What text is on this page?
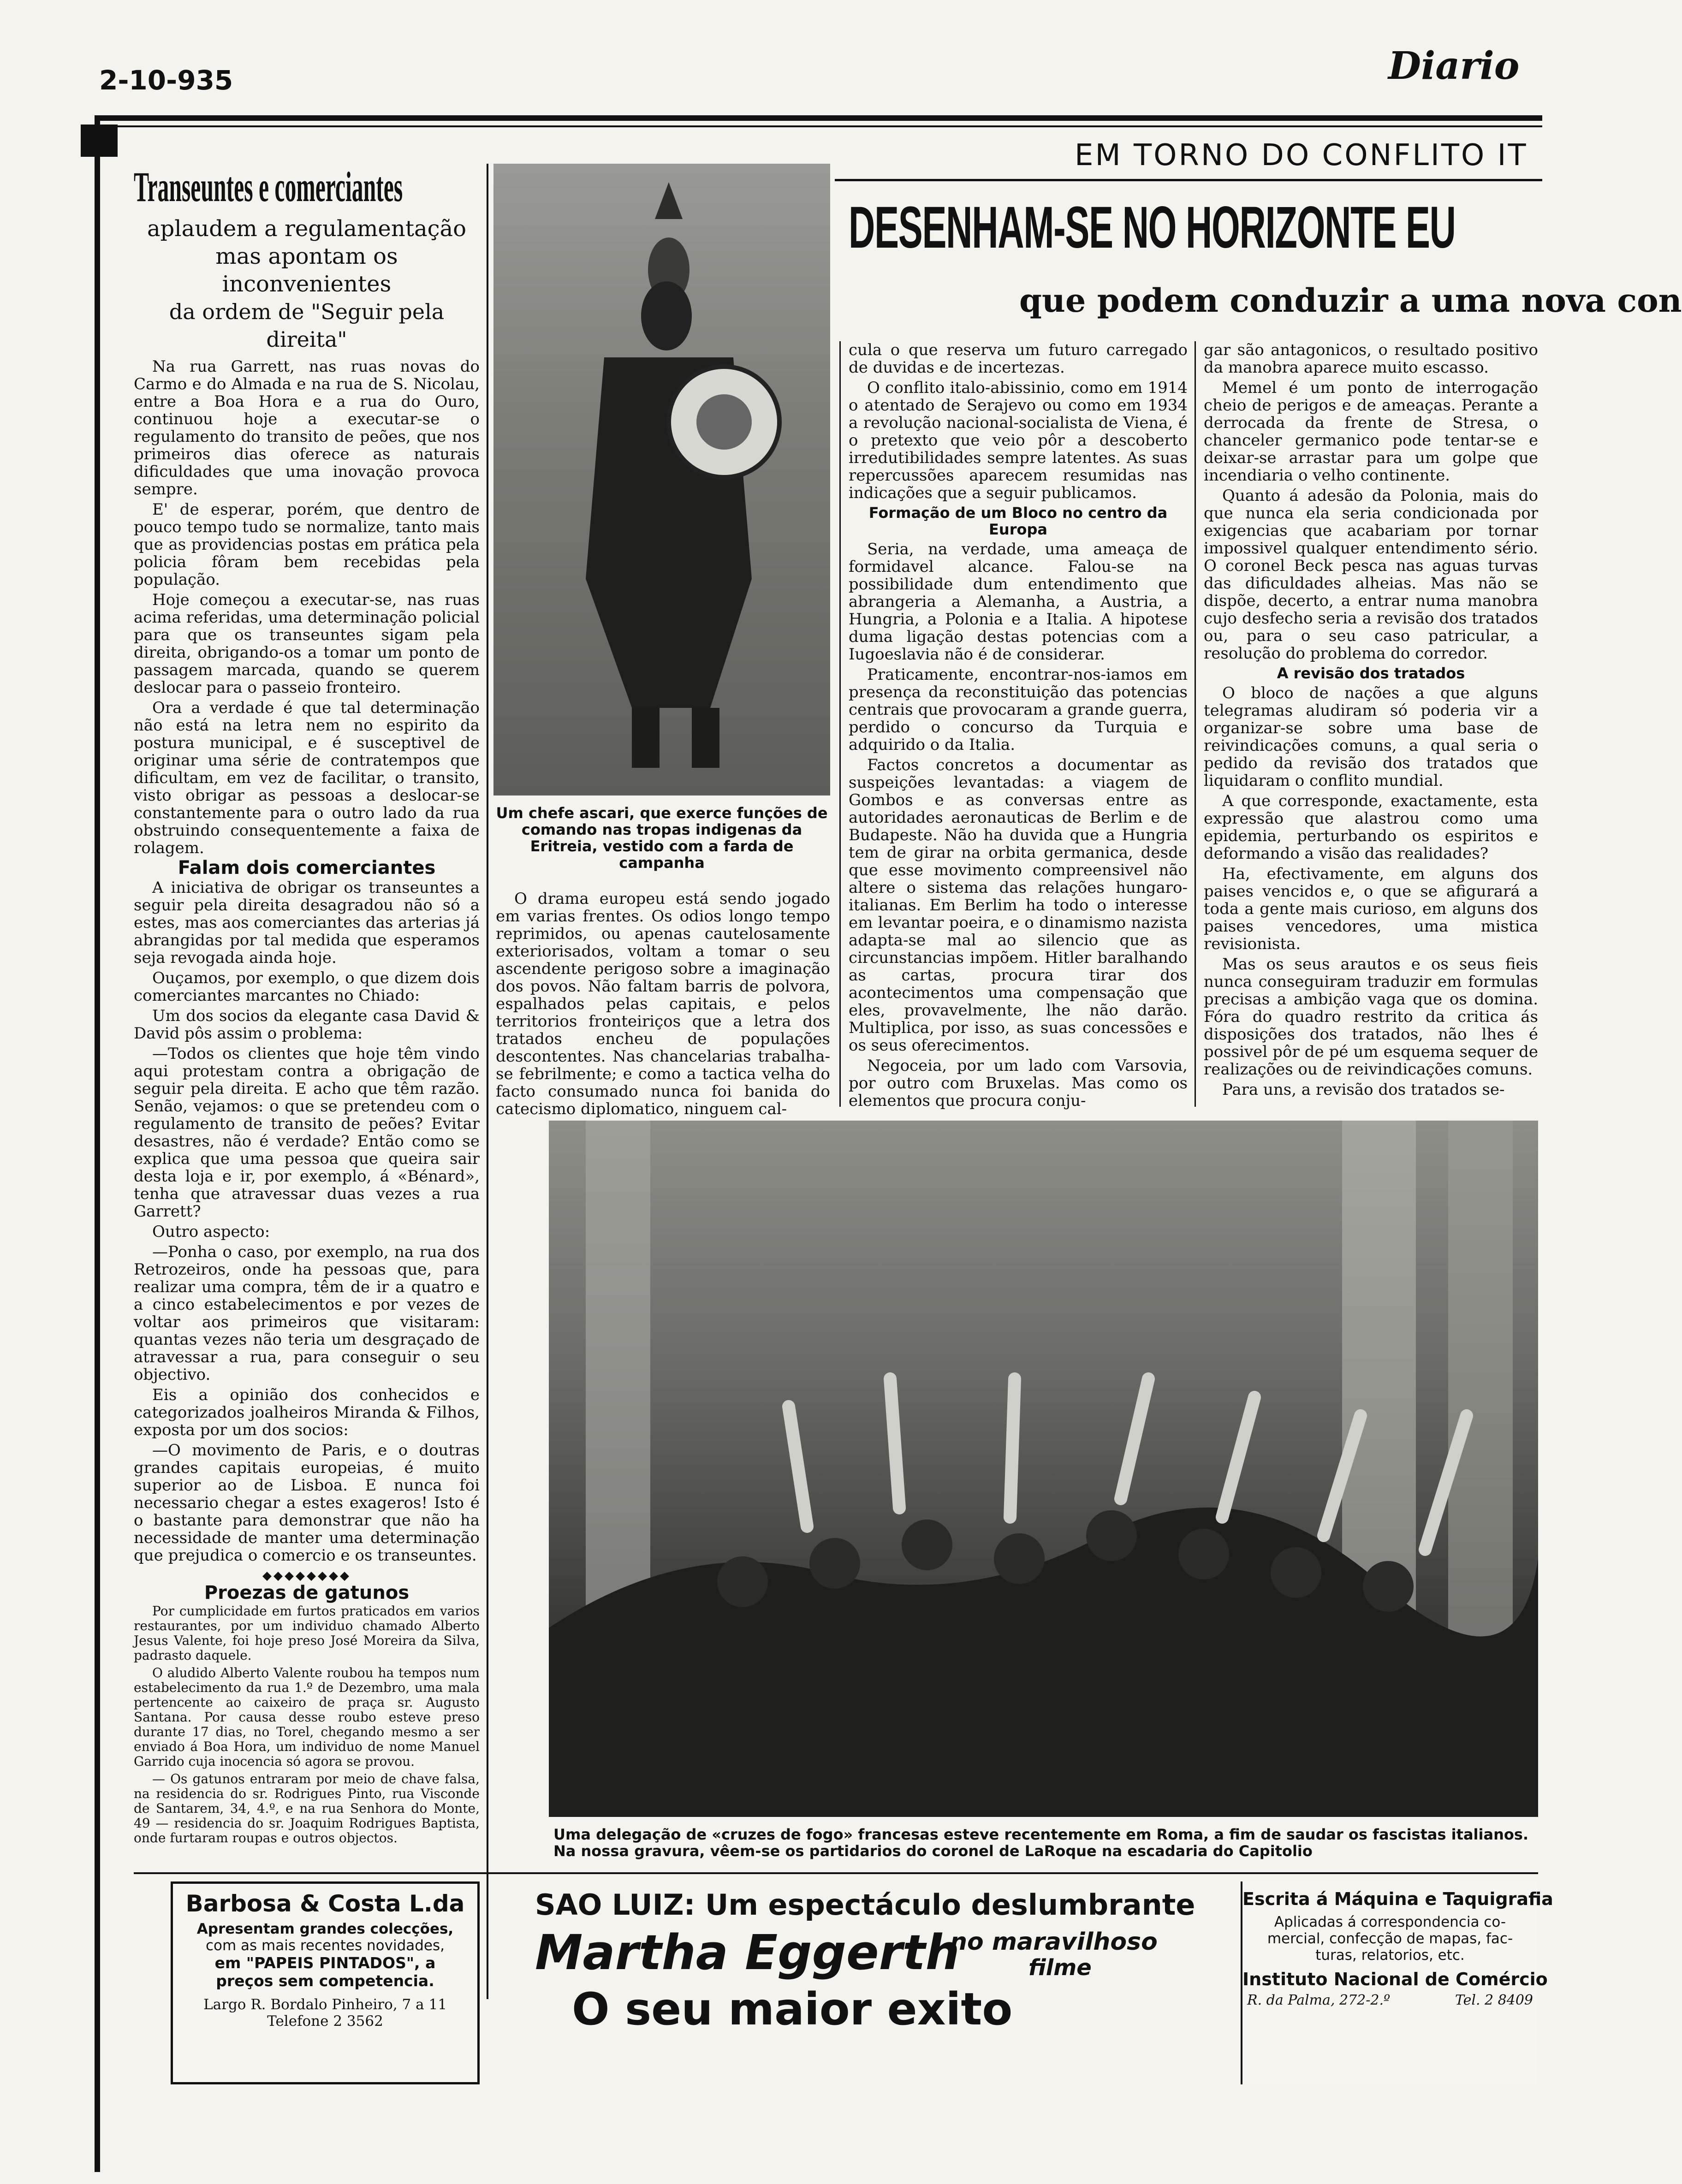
2-10-935	Diario
EM TORNO DO CONFLITO IT
DESENHAM-SE NO HORIZONTE EU
que podem conduzir a uma nova con
Transeuntes e comerciantes
aplaudem a regulamentação
mas apontam os inconvenientes
da ordem de "Seguir pela direita"

Na rua Garrett, nas ruas novas do Carmo e do Almada e na rua de S. Nicolau, entre a Boa Hora e a rua do Ouro, continuou hoje a executar-se o regulamento do transito de peões, que nos primeiros dias oferece as naturais dificuldades que uma inovação provoca sempre.

E' de esperar, porém, que dentro de pouco tempo tudo se normalize, tanto mais que as providencias postas em prática pela policia fôram bem recebidas pela população.

Hoje começou a executar-se, nas ruas acima referidas, uma determinação policial para que os transeuntes sigam pela direita, obrigando-os a tomar um ponto de passagem marcada, quando se querem deslocar para o passeio fronteiro.

Ora a verdade é que tal determinação não está na letra nem no espirito da postura municipal, e é susceptivel de originar uma série de contratempos que dificultam, em vez de facilitar, o transito, visto obrigar as pessoas a deslocar-se constantemente para o outro lado da rua obstruindo consequentemente a faixa de rolagem.

Falam dois comerciantes

A iniciativa de obrigar os transeuntes a seguir pela direita desagradou não só a estes, mas aos comerciantes das arterias já abrangidas por tal medida que esperamos seja revogada ainda hoje.

Ouçamos, por exemplo, o que dizem dois comerciantes marcantes no Chiado:

Um dos socios da elegante casa David & David pôs assim o problema:

—Todos os clientes que hoje têm vindo aqui protestam contra a obrigação de seguir pela direita. E acho que têm razão. Senão, vejamos: o que se pretendeu com o regulamento de transito de peões? Evitar desastres, não é verdade? Então como se explica que uma pessoa que queira sair desta loja e ir, por exemplo, á «Bénard», tenha que atravessar duas vezes a rua Garrett?

Outro aspecto:

—Ponha o caso, por exemplo, na rua dos Retrozeiros, onde ha pessoas que, para realizar uma compra, têm de ir a quatro e a cinco estabelecimentos e por vezes de voltar aos primeiros que visitaram: quantas vezes não teria um desgraçado de atravessar a rua, para conseguir o seu objectivo.

Eis a opinião dos conhecidos e categorizados joalheiros Miranda & Filhos, exposta por um dos socios:

—O movimento de Paris, e o doutras grandes capitais europeias, é muito superior ao de Lisboa. E nunca foi necessario chegar a estes exageros! Isto é o bastante para demonstrar que não ha necessidade de manter uma determinação que prejudica o comercio e os transeuntes.

◆◆◆◆◆◆◆◆

Proezas de gatunos

Por cumplicidade em furtos praticados em varios restaurantes, por um individuo chamado Alberto Jesus Valente, foi hoje preso José Moreira da Silva, padrasto daquele.

O aludido Alberto Valente roubou ha tempos num estabelecimento da rua 1.º de Dezembro, uma mala pertencente ao caixeiro de praça sr. Augusto Santana. Por causa desse roubo esteve preso durante 17 dias, no Torel, chegando mesmo a ser enviado á Boa Hora, um individuo de nome Manuel Garrido cuja inocencia só agora se provou.

— Os gatunos entraram por meio de chave falsa, na residencia do sr. Rodrigues Pinto, rua Visconde de Santarem, 34, 4.º, e na rua Senhora do Monte, 49 — residencia do sr. Joaquim Rodrigues Baptista, onde furtaram roupas e outros objectos.

Um chefe ascari, que exerce funções de comando nas tropas indigenas da Eritreia, vestido com a farda de campanha

O drama europeu está sendo jogado em varias frentes. Os odios longo tempo reprimidos, ou apenas cautelosamente exteriorisados, voltam a tomar o seu ascendente perigoso sobre a imaginação dos povos. Não faltam barris de polvora, espalhados pelas capitais, e pelos territorios fronteiriços que a letra dos tratados encheu de populações descontentes. Nas chancelarias trabalha-se febrilmente; e como a tactica velha do facto consumado nunca foi banida do catecismo diplomatico, ninguem cal-

cula o que reserva um futuro carregado de duvidas e de incertezas.

O conflito italo-abissinio, como em 1914 o atentado de Serajevo ou como em 1934 a revolução nacional-socialista de Viena, é o pretexto que veio pôr a descoberto irredutibilidades sempre latentes. As suas repercussões aparecem resumidas nas indicações que a seguir publicamos.

Formação de um Bloco no centro da Europa

Seria, na verdade, uma ameaça de formidavel alcance. Falou-se na possibilidade dum entendimento que abrangeria a Alemanha, a Austria, a Hungria, a Polonia e a Italia. A hipotese duma ligação destas potencias com a Iugoeslavia não é de considerar.

Praticamente, encontrar-nos-iamos em presença da reconstituição das potencias centrais que provocaram a grande guerra, perdido o concurso da Turquia e adquirido o da Italia.

Factos concretos a documentar as suspeições levantadas: a viagem de Gombos e as conversas entre as autoridades aeronauticas de Berlim e de Budapeste. Não ha duvida que a Hungria tem de girar na orbita germanica, desde que esse movimento compreensivel não altere o sistema das relações hungaro-italianas. Em Berlim ha todo o interesse em levantar poeira, e o dinamismo nazista adapta-se mal ao silencio que as circunstancias impõem. Hitler baralhando as cartas, procura tirar dos acontecimentos uma compensação que eles, provavelmente, lhe não darão. Multiplica, por isso, as suas concessões e os seus oferecimentos.

Negoceia, por um lado com Varsovia, por outro com Bruxelas. Mas como os elementos que procura conju-

gar são antagonicos, o resultado positivo da manobra aparece muito escasso.

Memel é um ponto de interrogação cheio de perigos e de ameaças. Perante a derrocada da frente de Stresa, o chanceler germanico pode tentar-se e deixar-se arrastar para um golpe que incendiaria o velho continente.

Quanto á adesão da Polonia, mais do que nunca ela seria condicionada por exigencias que acabariam por tornar impossivel qualquer entendimento sério. O coronel Beck pesca nas aguas turvas das dificuldades alheias. Mas não se dispõe, decerto, a entrar numa manobra cujo desfecho seria a revisão dos tratados ou, para o seu caso patricular, a resolução do problema do corredor.

A revisão dos tratados

O bloco de nações a que alguns telegramas aludiram só poderia vir a organizar-se sobre uma base de reivindicações comuns, a qual seria o pedido da revisão dos tratados que liquidaram o conflito mundial.

A que corresponde, exactamente, esta expressão que alastrou como uma epidemia, perturbando os espiritos e deformando a visão das realidades?

Ha, efectivamente, em alguns dos paises vencidos e, o que se afigurará a toda a gente mais curioso, em alguns dos paises vencedores, uma mistica revisionista.

Mas os seus arautos e os seus fieis nunca conseguiram traduzir em formulas precisas a ambição vaga que os domina. Fóra do quadro restrito da critica ás disposições dos tratados, não lhes é possivel pôr de pé um esquema sequer de realizações ou de reivindicações comuns.

Para uns, a revisão dos tratados se-

Uma delegação de «cruzes de fogo» francesas esteve recentemente em Roma, a fim de saudar os fascistas italianos. Na nossa gravura, vêem-se os partidarios do coronel de LaRoque na escadaria do Capitolio
Barbosa & Costa L.da
Apresentam grandes colecções,
com as mais recentes novidades,
em "PAPEIS PINTADOS", a
preços sem competencia.
Largo R. Bordalo Pinheiro, 7 a 11
Telefone 2 3562
SAO LUIZ: Um espectáculo deslumbrante
Martha Eggerth
no maravilhoso
filme
O seu maior exito
Escrita á Máquina e Taquigrafia
Aplicadas á correspondencia co-
mercial, confecção de mapas, fac-
turas, relatorios, etc.
Instituto Nacional de Comércio
R. da Palma, 272-2.º	Tel. 2 8409
